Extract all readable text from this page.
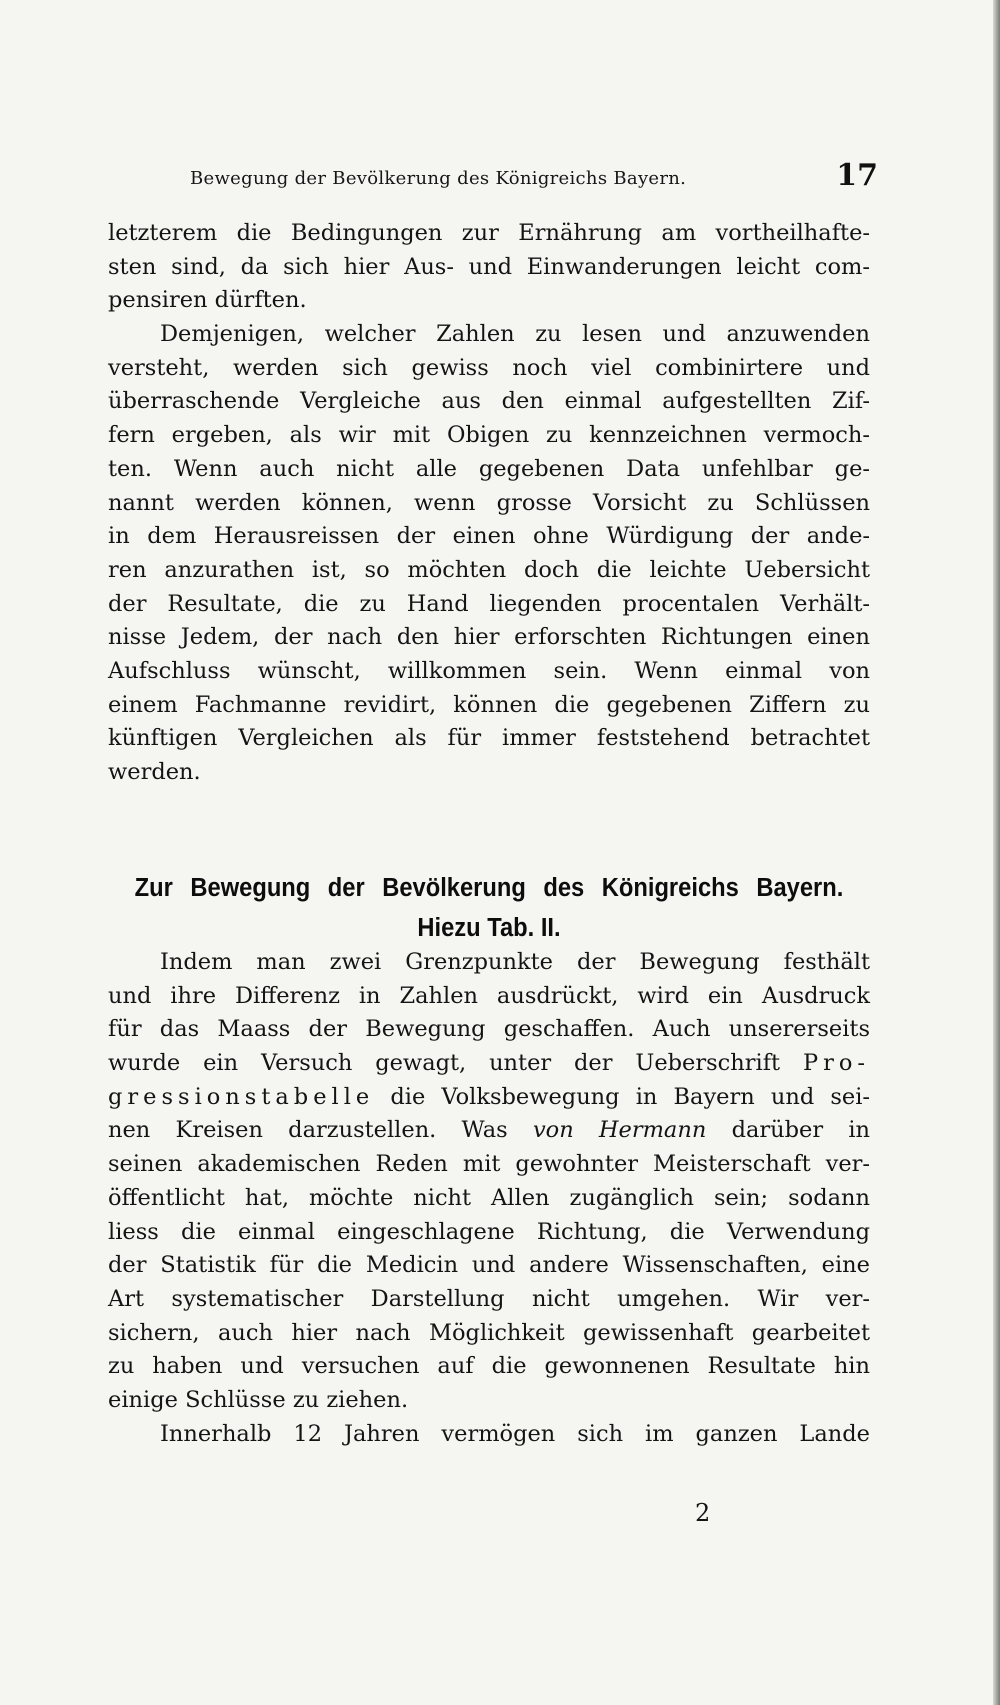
Bewegung der Bevölkerung des Königreichs Bayern.	17
letzterem die Bedingungen zur Ernährung am vortheilhafte-
sten sind, da sich hier Aus- und Einwanderungen leicht com-
pensiren dürften.
Demjenigen, welcher Zahlen zu lesen und anzuwenden
versteht, werden sich gewiss noch viel combinirtere und
überraschende Vergleiche aus den einmal aufgestellten Zif-
fern ergeben, als wir mit Obigen zu kennzeichnen vermoch-
ten. Wenn auch nicht alle gegebenen Data unfehlbar ge-
nannt werden können, wenn grosse Vorsicht zu Schlüssen
in dem Herausreissen der einen ohne Würdigung der ande-
ren anzurathen ist, so möchten doch die leichte Uebersicht
der Resultate, die zu Hand liegenden procentalen Verhält-
nisse Jedem, der nach den hier erforschten Richtungen einen
Aufschluss wünscht, willkommen sein. Wenn einmal von
einem Fachmanne revidirt, können die gegebenen Ziffern zu
künftigen Vergleichen als für immer feststehend betrachtet
werden.
Zur Bewegung der Bevölkerung des Königreichs Bayern.
Hiezu Tab. II.
Indem man zwei Grenzpunkte der Bewegung festhält
und ihre Differenz in Zahlen ausdrückt, wird ein Ausdruck
für das Maass der Bewegung geschaffen. Auch unsererseits
wurde ein Versuch gewagt, unter der Ueberschrift Pro-
gressionstabelle die Volksbewegung in Bayern und sei-
nen Kreisen darzustellen. Was von Hermann darüber in
seinen akademischen Reden mit gewohnter Meisterschaft ver-
öffentlicht hat, möchte nicht Allen zugänglich sein; sodann
liess die einmal eingeschlagene Richtung, die Verwendung
der Statistik für die Medicin und andere Wissenschaften, eine
Art systematischer Darstellung nicht umgehen. Wir ver-
sichern, auch hier nach Möglichkeit gewissenhaft gearbeitet
zu haben und versuchen auf die gewonnenen Resultate hin
einige Schlüsse zu ziehen.
Innerhalb 12 Jahren vermögen sich im ganzen Lande
2
